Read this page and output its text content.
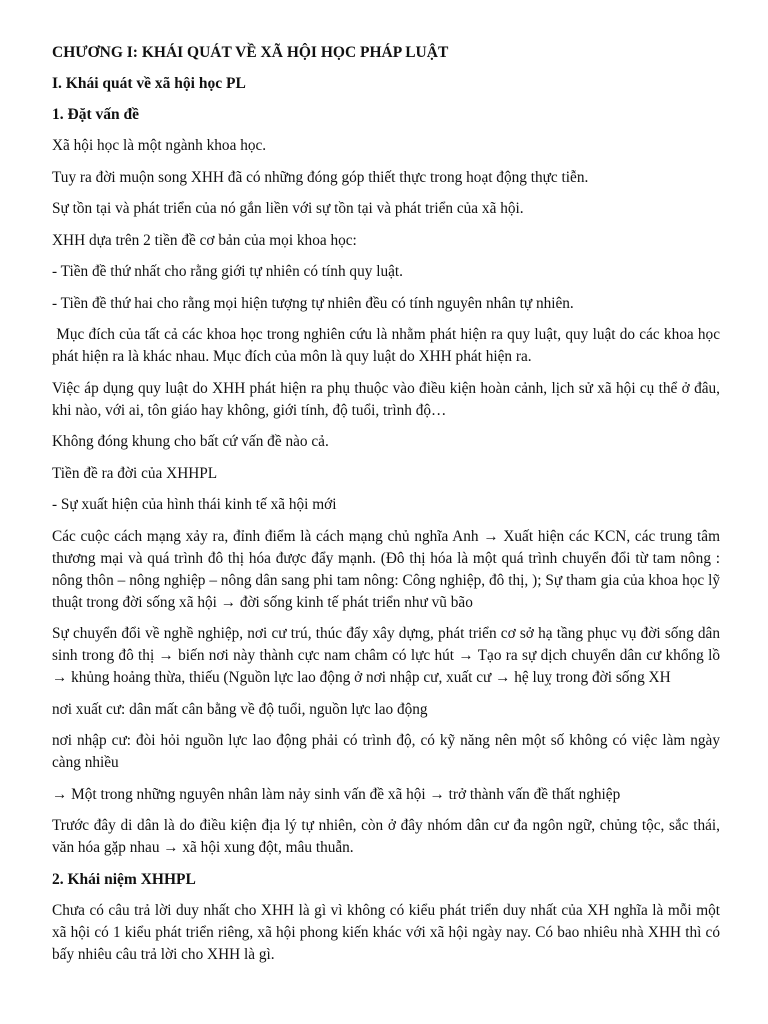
CHƯƠNG I: KHÁI QUÁT VỀ XÃ HỘI HỌC PHÁP LUẬT
I. Khái quát về xã hội học PL
1. Đặt vấn đề
Xã hội học là một ngành khoa học.
Tuy ra đời muộn song XHH đã có những đóng góp thiết thực trong hoạt động thực tiễn.
Sự tồn tại và phát triển của nó gắn liền với sự tồn tại và phát triển của xã hội.
XHH dựa trên 2 tiền đề cơ bản của mọi khoa học:
- Tiền đề thứ nhất cho rằng giới tự nhiên có tính quy luật.
- Tiền đề thứ hai cho rằng mọi hiện tượng tự nhiên đều có tính nguyên nhân tự nhiên.
Mục đích của tất cả các khoa học trong nghiên cứu là nhằm phát hiện ra quy luật, quy luật do các khoa học phát hiện ra là khác nhau. Mục đích của môn là quy luật do XHH phát hiện ra.
Việc áp dụng quy luật do XHH phát hiện ra phụ thuộc vào điều kiện hoàn cảnh, lịch sử xã hội cụ thể ở đâu, khi nào, với ai, tôn giáo hay không, giới tính, độ tuổi, trình độ…
Không đóng khung cho bất cứ vấn đề nào cả.
Tiền đề ra đời của XHHPL
- Sự xuất hiện của hình thái kinh tế xã hội mới
Các cuộc cách mạng xảy ra, đỉnh điểm là cách mạng chủ nghĩa Anh → Xuất hiện các KCN, các trung tâm thương mại và quá trình đô thị hóa được đẩy mạnh. (Đô thị hóa là một quá trình chuyển đổi từ tam nông : nông thôn – nông nghiệp – nông dân sang phi tam nông: Công nghiệp, đô thị, ); Sự tham gia của khoa học lỹ thuật trong đời sống xã hội → đời sống kinh tế phát triển như vũ bão
Sự chuyển đổi về nghề nghiệp, nơi cư trú, thúc đẩy xây dựng, phát triển cơ sở hạ tầng phục vụ đời sống dân sinh trong đô thị → biến nơi này thành cực nam châm có lực hút → Tạo ra sự dịch chuyển dân cư khổng lồ → khủng hoảng thừa, thiếu (Nguồn lực lao động ở nơi nhập cư, xuất cư → hệ luỵ trong đời sống XH
nơi xuất cư: dân mất cân bằng về độ tuổi, nguồn lực lao động
nơi nhập cư: đòi hỏi nguồn lực lao động phải có trình độ, có kỹ năng nên một số không có việc làm ngày càng nhiều
→ Một trong những nguyên nhân làm nảy sinh vấn đề xã hội → trở thành vấn đề thất nghiệp
Trước đây di dân là do điều kiện địa lý tự nhiên, còn ở đây nhóm dân cư đa ngôn ngữ, chủng tộc, sắc thái, văn hóa gặp nhau → xã hội xung đột, mâu thuẫn.
2. Khái niệm XHHPL
Chưa có câu trả lời duy nhất cho XHH là gì vì không có kiểu phát triển duy nhất của XH nghĩa là mỗi một xã hội có 1 kiểu phát triển riêng, xã hội phong kiến khác với xã hội ngày nay. Có bao nhiêu nhà XHH thì có bấy nhiêu câu trả lời cho XHH là gì.
